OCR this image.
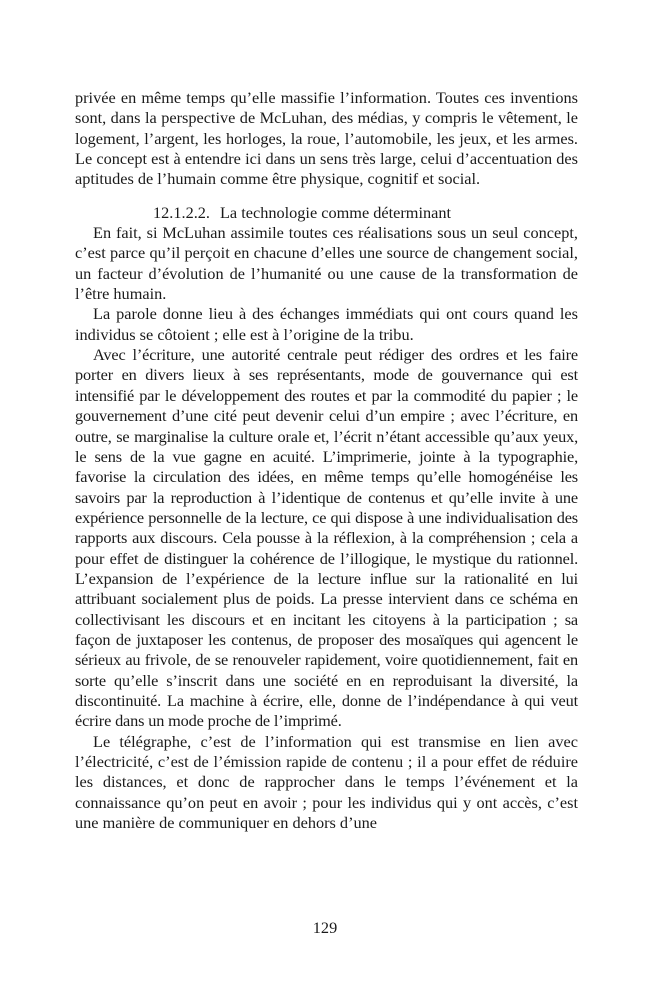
privée en même temps qu’elle massifie l’information. Toutes ces inventions sont, dans la perspective de McLuhan, des médias, y compris le vêtement, le logement, l’argent, les horloges, la roue, l’automobile, les jeux, et les armes. Le concept est à entendre ici dans un sens très large, celui d’accentuation des aptitudes de l’humain comme être physique, cognitif et social.

12.1.2.2. La technologie comme déterminant

En fait, si McLuhan assimile toutes ces réalisations sous un seul concept, c’est parce qu’il perçoit en chacune d’elles une source de changement social, un facteur d’évolution de l’humanité ou une cause de la transformation de l’être humain.

La parole donne lieu à des échanges immédiats qui ont cours quand les individus se côtoient ; elle est à l’origine de la tribu.

Avec l’écriture, une autorité centrale peut rédiger des ordres et les faire porter en divers lieux à ses représentants, mode de gouvernance qui est intensifié par le développement des routes et par la commodité du papier ; le gouvernement d’une cité peut devenir celui d’un empire ; avec l’écriture, en outre, se marginalise la culture orale et, l’écrit n’étant accessible qu’aux yeux, le sens de la vue gagne en acuité. L’imprimerie, jointe à la typographie, favorise la circulation des idées, en même temps qu’elle homogénéise les savoirs par la reproduction à l’identique de contenus et qu’elle invite à une expérience personnelle de la lecture, ce qui dispose à une individualisation des rapports aux discours. Cela pousse à la réflexion, à la compréhension ; cela a pour effet de distinguer la cohérence de l’illogique, le mystique du rationnel. L’expansion de l’expérience de la lecture influe sur la rationalité en lui attribuant socialement plus de poids. La presse intervient dans ce schéma en collectivisant les discours et en incitant les citoyens à la participation ; sa façon de juxtaposer les contenus, de proposer des mosaïques qui agencent le sérieux au frivole, de se renouveler rapidement, voire quotidiennement, fait en sorte qu’elle s’inscrit dans une société en en reproduisant la diversité, la discontinuité. La machine à écrire, elle, donne de l’indépendance à qui veut écrire dans un mode proche de l’imprimé.

Le télégraphe, c’est de l’information qui est transmise en lien avec l’électricité, c’est de l’émission rapide de contenu ; il a pour effet de réduire les distances, et donc de rapprocher dans le temps l’événement et la connaissance qu’on peut en avoir ; pour les individus qui y ont accès, c’est une manière de communiquer en dehors d’une

129
